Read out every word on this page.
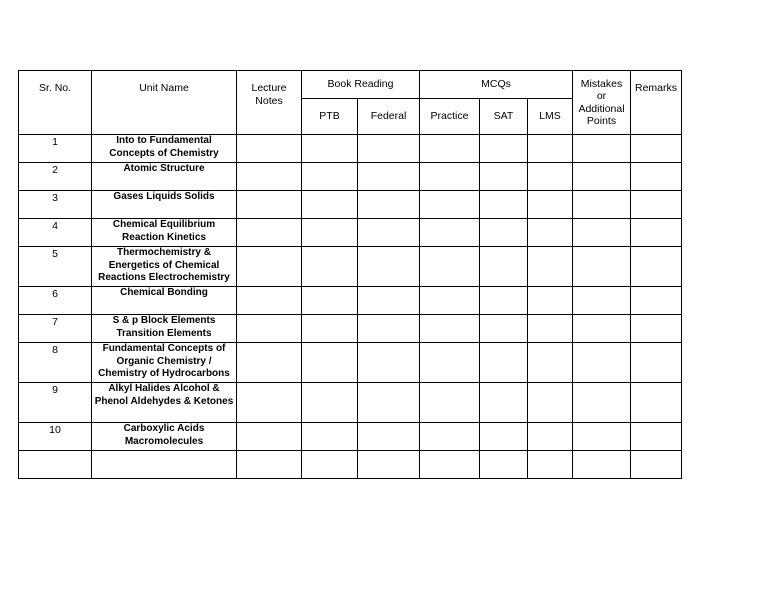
Sr. No.	Unit Name	Lecture Notes	Book Reading		MCQs			Mistakes or Additional Points	Remarks
			PTB	Federal	Practice	SAT	LMS		
1	Into to Fundamental Concepts of Chemistry								
2	Atomic Structure								
3	Gases Liquids Solids								
4	Chemical Equilibrium Reaction Kinetics								
5	Thermochemistry & Energetics of Chemical Reactions Electrochemistry								
6	Chemical Bonding								
7	S & p Block Elements Transition Elements								
8	Fundamental Concepts of Organic Chemistry / Chemistry of Hydrocarbons								
9	Alkyl Halides Alcohol & Phenol Aldehydes & Ketones								
10	Carboxylic Acids Macromolecules								
